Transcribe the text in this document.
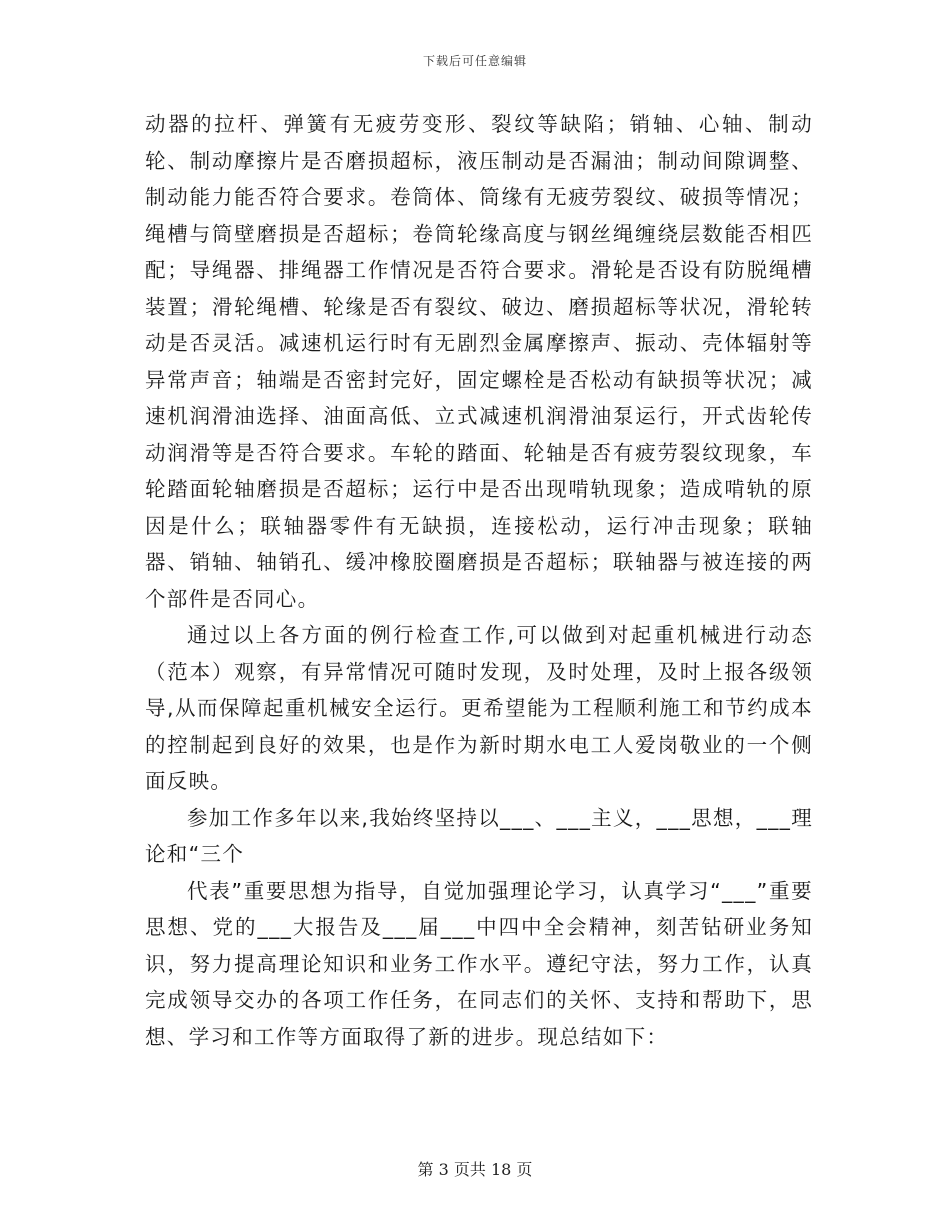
下载后可任意编辑

动器的拉杆、弹簧有无疲劳变形、裂纹等缺陷；销轴、心轴、制动轮、制动摩擦片是否磨损超标，液压制动是否漏油；制动间隙调整、制动能力能否符合要求。卷筒体、筒缘有无疲劳裂纹、破损等情况；绳槽与筒壁磨损是否超标；卷筒轮缘高度与钢丝绳缠绕层数能否相匹配；导绳器、排绳器工作情况是否符合要求。滑轮是否设有防脱绳槽装置；滑轮绳槽、轮缘是否有裂纹、破边、磨损超标等状况，滑轮转动是否灵活。减速机运行时有无剧烈金属摩擦声、振动、壳体辐射等异常声音；轴端是否密封完好，固定螺栓是否松动有缺损等状况；减速机润滑油选择、油面高低、立式减速机润滑油泵运行，开式齿轮传动润滑等是否符合要求。车轮的踏面、轮轴是否有疲劳裂纹现象，车轮踏面轮轴磨损是否超标；运行中是否出现啃轨现象；造成啃轨的原因是什么；联轴器零件有无缺损，连接松动，运行冲击现象；联轴器、销轴、轴销孔、缓冲橡胶圈磨损是否超标；联轴器与被连接的两个部件是否同心。

通过以上各方面的例行检查工作,可以做到对起重机械进行动态（范本）观察，有异常情况可随时发现，及时处理，及时上报各级领导,从而保障起重机械安全运行。更希望能为工程顺利施工和节约成本的控制起到良好的效果，也是作为新时期水电工人爱岗敬业的一个侧面反映。

参加工作多年以来,我始终坚持以___、___主义，___思想，___理论和“三个

代表”重要思想为指导，自觉加强理论学习，认真学习“___”重要思想、党的___大报告及___届___中四中全会精神，刻苦钻研业务知识，努力提高理论知识和业务工作水平。遵纪守法，努力工作，认真完成领导交办的各项工作任务，在同志们的关怀、支持和帮助下，思想、学习和工作等方面取得了新的进步。现总结如下：

第 3 页共 18 页
